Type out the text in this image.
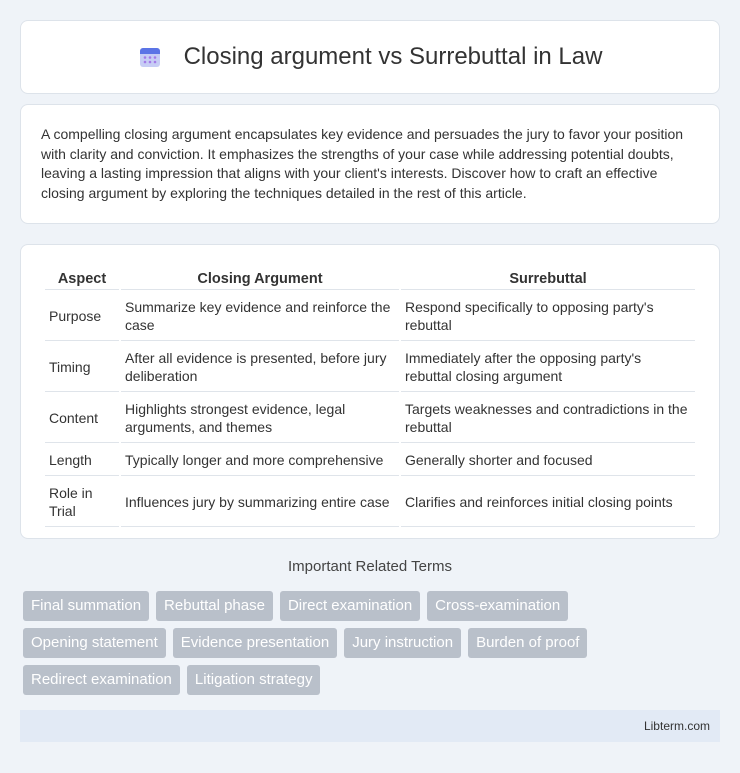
Closing argument vs Surrebuttal in Law

A compelling closing argument encapsulates key evidence and persuades the jury to favor your position with clarity and conviction. It emphasizes the strengths of your case while addressing potential doubts, leaving a lasting impression that aligns with your client's interests. Discover how to craft an effective closing argument by exploring the techniques detailed in the rest of this article.

Aspect	Closing Argument	Surrebuttal
Purpose	Summarize key evidence and reinforce the case	Respond specifically to opposing party's rebuttal
Timing	After all evidence is presented, before jury deliberation	Immediately after the opposing party's rebuttal closing argument
Content	Highlights strongest evidence, legal arguments, and themes	Targets weaknesses and contradictions in the rebuttal
Length	Typically longer and more comprehensive	Generally shorter and focused
Role in Trial	Influences jury by summarizing entire case	Clarifies and reinforces initial closing points
Important Related Terms
Final summation	Rebuttal phase	Direct examination	Cross-examination
Opening statement	Evidence presentation	Jury instruction	Burden of proof
Redirect examination	Litigation strategy
Libterm.com
